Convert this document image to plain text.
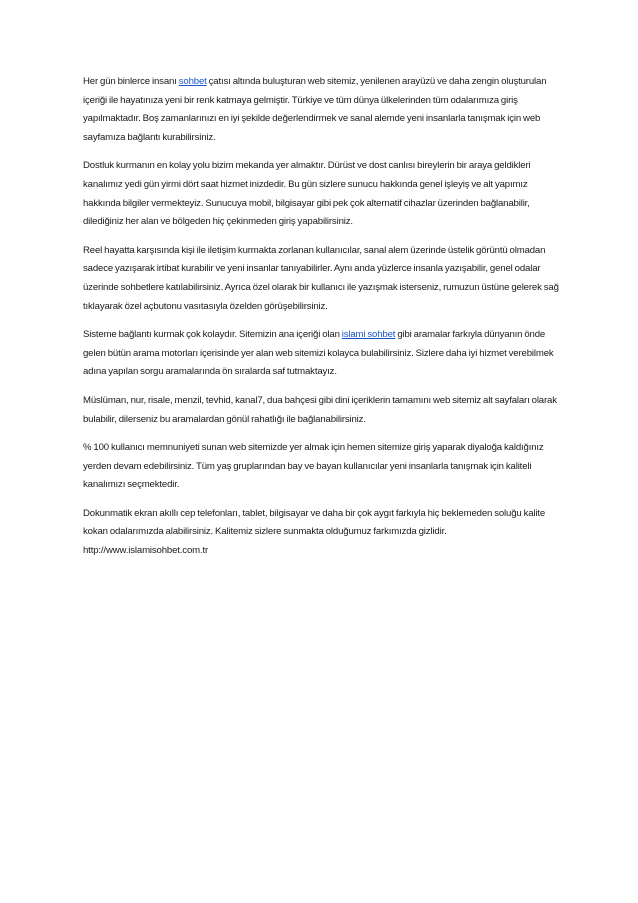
Her gün binlerce insanı sohbet çatısı altında buluşturan web sitemiz, yenilenen arayüzü ve daha zengin oluşturulan içeriği ile hayatınıza yeni bir renk katmaya gelmiştir. Türkiye ve tüm dünya ülkelerinden tüm odalarımıza giriş yapılmaktadır. Boş zamanlarınızı en iyi şekilde değerlendirmek ve sanal alemde yeni insanlarla tanışmak için web sayfamıza bağlantı kurabilirsiniz.

Dostluk kurmanın en kolay yolu bizim mekanda yer almaktır. Dürüst ve dost canlısı bireylerin bir araya geldikleri kanalımız yedi gün yirmi dört saat hizmet inizdedir. Bu gün sizlere sunucu hakkında genel işleyiş ve alt yapımız hakkında bilgiler vermekteyiz. Sunucuya mobil, bilgisayar gibi pek çok alternatif cihazlar üzerinden bağlanabilir, dilediğiniz her alan ve bölgeden hiç çekinmeden giriş yapabilirsiniz.

Reel hayatta karşısında kişi ile iletişim kurmakta zorlanan kullanıcılar, sanal alem üzerinde üstelik görüntü olmadan sadece yazışarak irtibat kurabilir ve yeni insanlar tanıyabilirler. Aynı anda yüzlerce insanla yazışabilir, genel odalar üzerinde sohbetlere katılabilirsiniz. Ayrıca özel olarak bir kullanıcı ile yazışmak isterseniz, rumuzun üstüne gelerek sağ tıklayarak özel açbutonu vasıtasıyla özelden görüşebilirsiniz.

Sisteme bağlantı kurmak çok kolaydır. Sitemizin ana içeriği olan islami sohbet gibi aramalar farkıyla dünyanın önde gelen bütün arama motorları içerisinde yer alan web sitemizi kolayca bulabilirsiniz. Sizlere daha iyi hizmet verebilmek adına yapılan sorgu aramalarında ön sıralarda saf tutmaktayız.

Müslüman, nur, risale, menzil, tevhid, kanal7, dua bahçesi gibi dini içeriklerin tamamını web sitemiz alt sayfaları olarak bulabilir, dilerseniz bu aramalardan gönül rahatlığı ile bağlanabilirsiniz.

% 100 kullanıcı memnuniyeti sunan web sitemizde yer almak için hemen sitemize giriş yaparak diyaloğa kaldığınız yerden devam edebilirsiniz. Tüm yaş gruplarından bay ve bayan kullanıcılar yeni insanlarla tanışmak için kaliteli kanalımızı seçmektedir.

Dokunmatik ekran akıllı cep telefonları, tablet, bilgisayar ve daha bir çok aygıt farkıyla hiç beklemeden soluğu kalite kokan odalarımızda alabilirsiniz. Kalitemiz sizlere sunmakta olduğumuz farkımızda gizlidir. http://www.islamisohbet.com.tr
